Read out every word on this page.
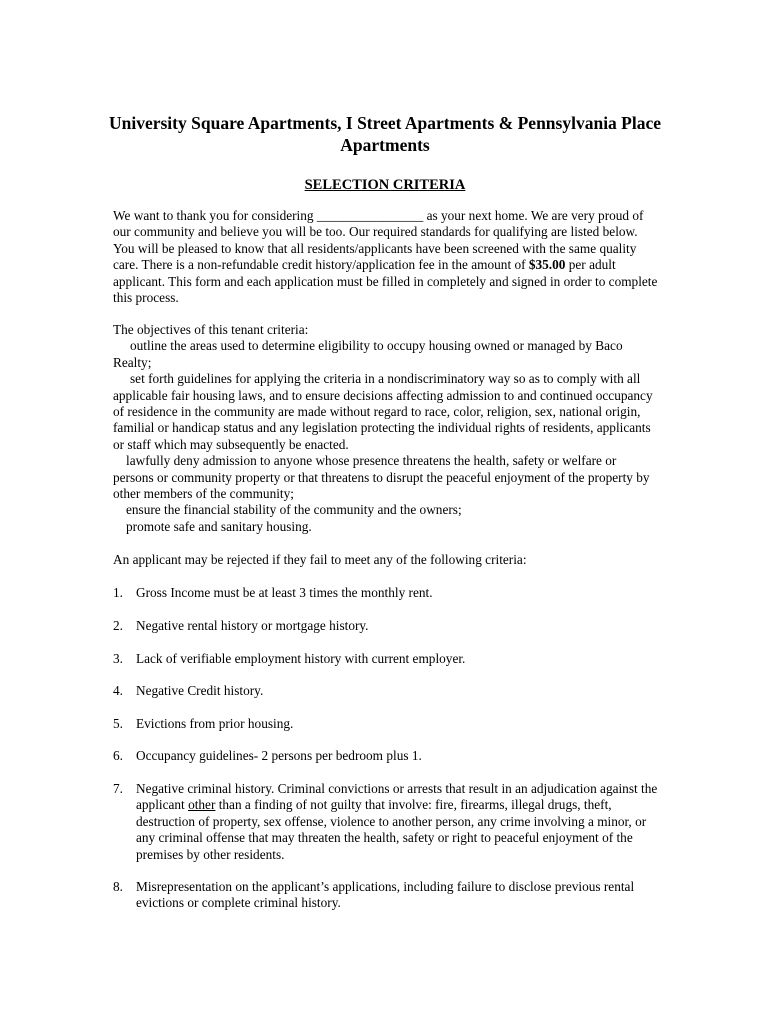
University Square Apartments, I Street Apartments & Pennsylvania Place Apartments
SELECTION CRITERIA

We want to thank you for considering ________________ as your next home. We are very proud of our community and believe you will be too. Our required standards for qualifying are listed below. You will be pleased to know that all residents/applicants have been screened with the same quality care. There is a non-refundable credit history/application fee in the amount of $35.00 per adult applicant. This form and each application must be filled in completely and signed in order to complete this process.

The objectives of this tenant criteria:

outline the areas used to determine eligibility to occupy housing owned or managed by Baco Realty;

set forth guidelines for applying the criteria in a nondiscriminatory way so as to comply with all applicable fair housing laws, and to ensure decisions affecting admission to and continued occupancy of residence in the community are made without regard to race, color, religion, sex, national origin, familial or handicap status and any legislation protecting the individual rights of residents, applicants or staff which may subsequently be enacted.

lawfully deny admission to anyone whose presence threatens the health, safety or welfare or persons or community property or that threatens to disrupt the peaceful enjoyment of the property by other members of the community;

ensure the financial stability of the community and the owners;

promote safe and sanitary housing.

An applicant may be rejected if they fail to meet any of the following criteria:
1. Gross Income must be at least 3 times the monthly rent.
2. Negative rental history or mortgage history.
3. Lack of verifiable employment history with current employer.
4. Negative Credit history.
5. Evictions from prior housing.
6. Occupancy guidelines- 2 persons per bedroom plus 1.
7. Negative criminal history. Criminal convictions or arrests that result in an adjudication against the applicant other than a finding of not guilty that involve: fire, firearms, illegal drugs, theft, destruction of property, sex offense, violence to another person, any crime involving a minor, or any criminal offense that may threaten the health, safety or right to peaceful enjoyment of the premises by other residents.
8. Misrepresentation on the applicant’s applications, including failure to disclose previous rental evictions or complete criminal history.
